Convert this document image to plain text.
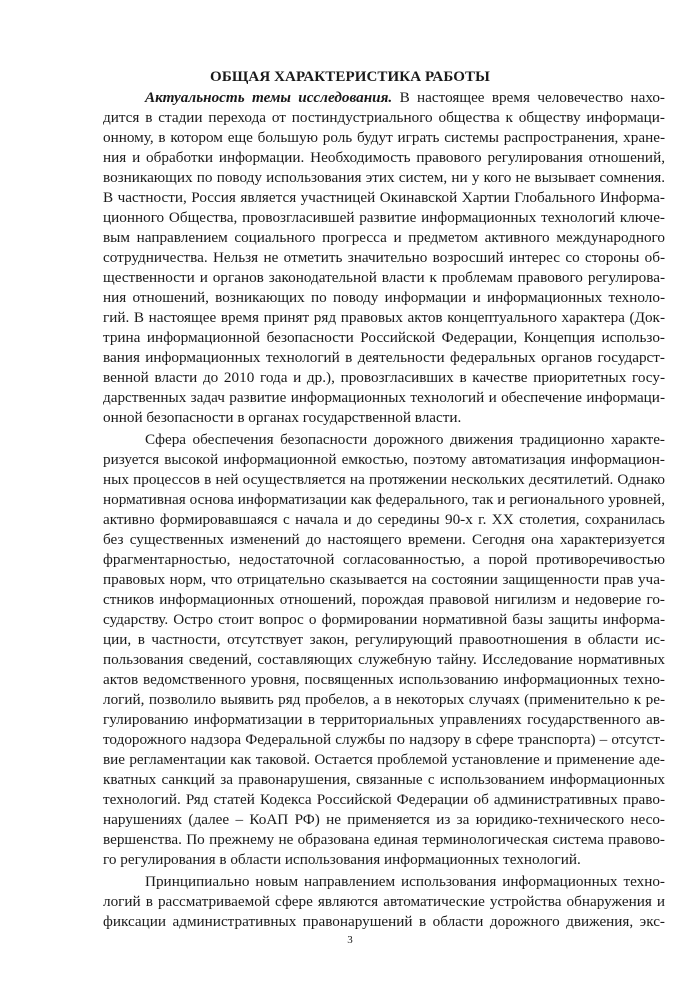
ОБЩАЯ ХАРАКТЕРИСТИКА РАБОТЫ
Актуальность темы исследования. В настоящее время человечество нахо-
дится в стадии перехода от постиндустриального общества к обществу информаци-
онному, в котором еще большую роль будут играть системы распространения, хране-
ния и обработки информации. Необходимость правового регулирования отношений,
возникающих по поводу использования этих систем, ни у кого не вызывает сомнения.
В частности, Россия является участницей Окинавской Хартии Глобального Информа-
ционного Общества, провозгласившей развитие информационных технологий ключе-
вым направлением социального прогресса и предметом активного международного
сотрудничества. Нельзя не отметить значительно возросший интерес со стороны об-
щественности и органов законодательной власти к проблемам правового регулирова-
ния отношений, возникающих по поводу информации и информационных техноло-
гий. В настоящее время принят ряд правовых актов концептуального характера (Док-
трина информационной безопасности Российской Федерации, Концепция использо-
вания информационных технологий в деятельности федеральных органов государст-
венной власти до 2010 года и др.), провозгласивших в качестве приоритетных госу-
дарственных задач развитие информационных технологий и обеспечение информаци-
онной безопасности в органах государственной власти.
Сфера обеспечения безопасности дорожного движения традиционно характе-
ризуется высокой информационной емкостью, поэтому автоматизация информацион-
ных процессов в ней осуществляется на протяжении нескольких десятилетий. Однако
нормативная основа информатизации как федерального, так и регионального уровней,
активно формировавшаяся с начала и до середины 90-х г. XX столетия, сохранилась
без существенных изменений до настоящего времени. Сегодня она характеризуется
фрагментарностью, недостаточной согласованностью, а порой противоречивостью
правовых норм, что отрицательно сказывается на состоянии защищенности прав уча-
стников информационных отношений, порождая правовой нигилизм и недоверие го-
сударству. Остро стоит вопрос о формировании нормативной базы защиты информа-
ции, в частности, отсутствует закон, регулирующий правоотношения в области ис-
пользования сведений, составляющих служебную тайну. Исследование нормативных
актов ведомственного уровня, посвященных использованию информационных техно-
логий, позволило выявить ряд пробелов, а в некоторых случаях (применительно к ре-
гулированию информатизации в территориальных управлениях государственного ав-
тодорожного надзора Федеральной службы по надзору в сфере транспорта) – отсутст-
вие регламентации как таковой. Остается проблемой установление и применение аде-
кватных санкций за правонарушения, связанные с использованием информационных
технологий. Ряд статей Кодекса Российской Федерации об административных право-
нарушениях (далее – КоАП РФ) не применяется из за юридико-технического несо-
вершенства. По прежнему не образована единая терминологическая система правово-
го регулирования в области использования информационных технологий.
Принципиально новым направлением использования информационных техно-
логий в рассматриваемой сфере являются автоматические устройства обнаружения и
фиксации административных правонарушений в области дорожного движения, экс-
3
